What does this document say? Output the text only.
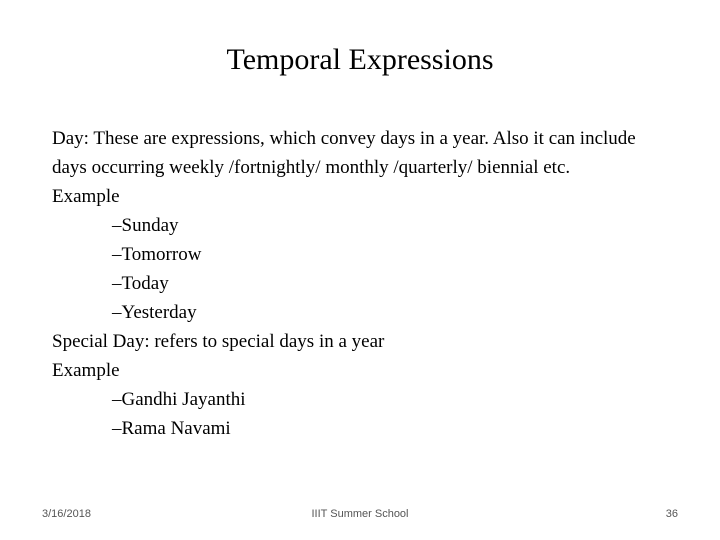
Temporal Expressions
Day: These are expressions, which convey days in a year. Also it can include
days occurring weekly /fortnightly/ monthly /quarterly/ biennial etc.
Example
–Sunday
–Tomorrow
–Today
–Yesterday
Special Day: refers to special days in a year
Example
–Gandhi Jayanthi
–Rama Navami
3/16/2018	IIIT Summer School	36
